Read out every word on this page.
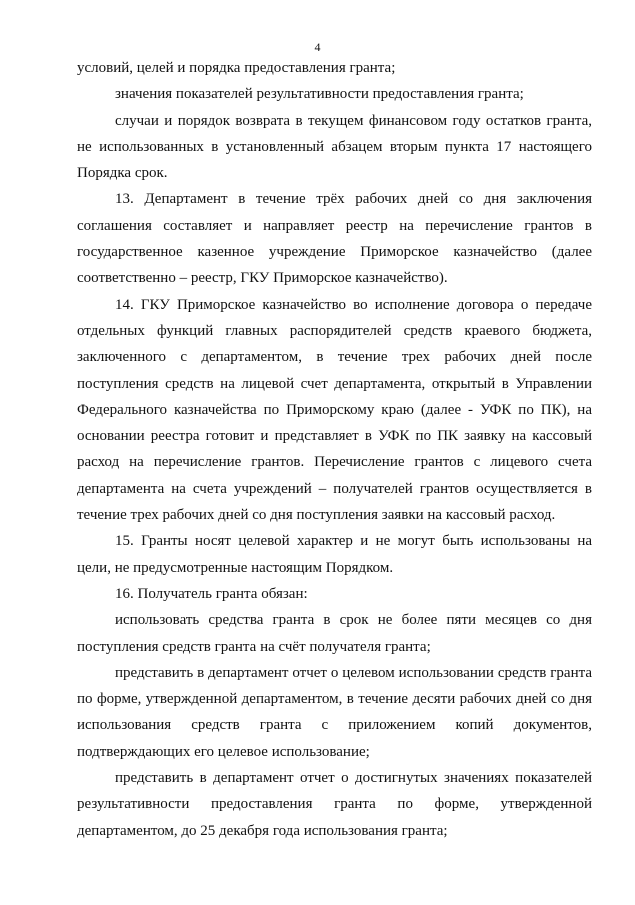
4

условий, целей и порядка предоставления гранта;

значения показателей результативности предоставления гранта;

случаи и порядок возврата в текущем финансовом году остатков гранта, не использованных в установленный абзацем вторым пункта 17 настоящего Порядка срок.

13. Департамент в течение трёх рабочих дней со дня заключения соглашения составляет и направляет реестр на перечисление грантов в государственное казенное учреждение Приморское казначейство (далее соответственно – реестр, ГКУ Приморское казначейство).

14. ГКУ Приморское казначейство во исполнение договора о передаче отдельных функций главных распорядителей средств краевого бюджета, заключенного с департаментом, в течение трех рабочих дней после поступления средств на лицевой счет департамента, открытый в Управлении Федерального казначейства по Приморскому краю (далее - УФК по ПК), на основании реестра готовит и представляет в УФК по ПК заявку на кассовый расход на перечисление грантов. Перечисление грантов с лицевого счета департамента на счета учреждений – получателей грантов осуществляется в течение трех рабочих дней со дня поступления заявки на кассовый расход.

15. Гранты носят целевой характер и не могут быть использованы на цели, не предусмотренные настоящим Порядком.

16. Получатель гранта обязан:

использовать средства гранта в срок не более пяти месяцев со дня поступления средств гранта на счёт получателя гранта;

представить в департамент отчет о целевом использовании средств гранта по форме, утвержденной департаментом, в течение десяти рабочих дней со дня использования средств гранта с приложением копий документов, подтверждающих его целевое использование;

представить в департамент отчет о достигнутых значениях показателей результативности предоставления гранта по форме, утвержденной департаментом, до 25 декабря года использования гранта;
